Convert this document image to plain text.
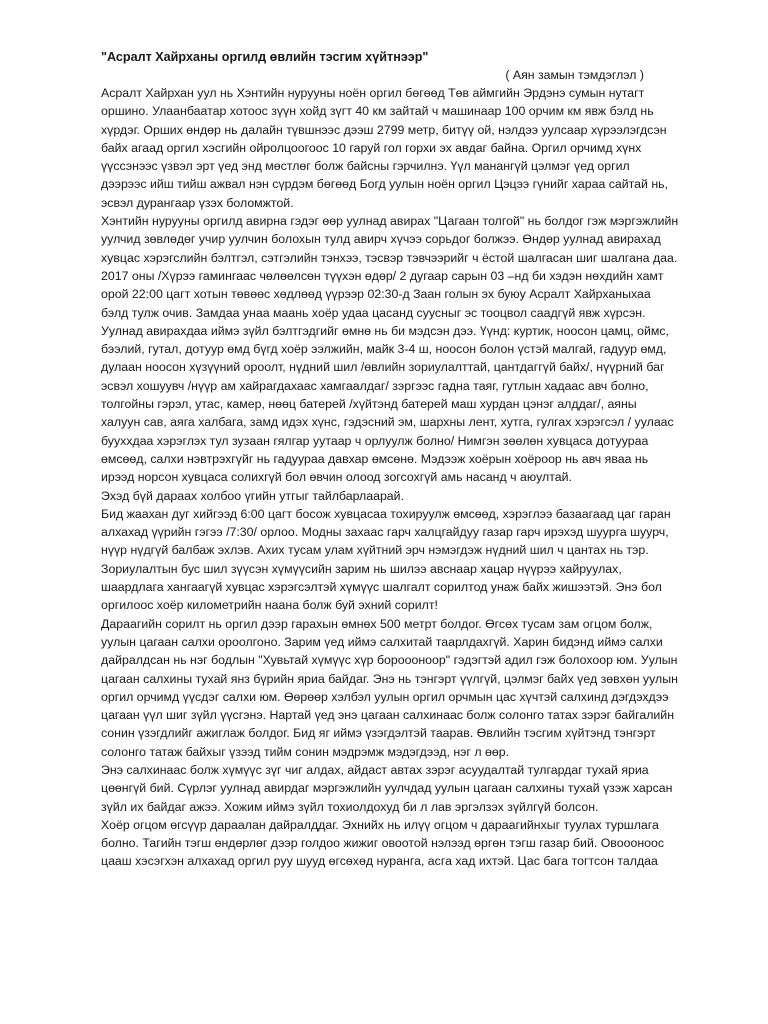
"Асралт Хайрханы оргилд өвлийн тэсгим хүйтнээр"
( Аян замын тэмдэглэл )
Асралт Хайрхан уул нь Хэнтийн нурууны ноён оргил бөгөөд Төв аймгийн Эрдэнэ сумын нутагт
оршино. Улаанбаатар хотоос зүүн хойд зүгт 40 км зайтай ч машинаар 100 орчим км явж бэлд нь
хүрдэг. Орших өндөр нь далайн түвшнээс дээш 2799 метр, битүү ой, нэлдээ уулсаар хүрээлэгдсэн
байх агаад оргил хэсгийн ойролцоогоос 10 гаруй гол горхи эх авдаг байна. Оргил орчимд хүнх
үүссэнээс үзвэл эрт үед энд мөстлөг болж байсны гэрчилнэ. Үүл манангүй цэлмэг үед оргил
дээрээс ийш тийш ажвал нэн сүрдэм бөгөөд Богд уулын ноён оргил Цэцээ гүнийг хараа сайтай нь,
эсвэл дурангаар үзэх боломжтой.
Хэнтийн нурууны оргилд авирна гэдэг өөр уулнад авирах "Цагаан толгой" нь болдог гэж мэргэжлийн
уулчид зөвлөдөг учир уулчин болохын тулд авирч хүчээ сорьдог болжээ. Өндөр уулнад авирахад
хувцас хэрэгслийн бэлтгэл, сэтгэлийн тэнхээ, тэсвэр тэвчээрийг ч ёстой шалгасан шиг шалгана даа.
2017 оны /Хүрээ гамингаас чөлөөлсөн түүхэн өдөр/ 2 дугаар сарын 03 –нд би хэдэн нөхдийн хамт
орой 22:00 цагт хотын төвөөс хөдлөөд үүрээр 02:30-д Заан голын эх буюу Асралт Хайрханыхаа
бэлд тулж очив. Замдаа унаа маань хоёр удаа цасанд суусныг эс тооцвол саадгүй явж хүрсэн.
Уулнад авирахдаа иймэ зүйл бэлтгэдгийг өмнө нь би мэдсэн дээ. Үүнд: куртик, ноосон цамц, оймс,
бээлий, гутал, дотуур өмд бүгд хоёр ээлжийн, майк 3-4 ш, ноосон болон үстэй малгай, гадуур өмд,
дулаан ноосон хүзүүний ороолт, нүдний шил /өвлийн зориулалттай, цантдаггүй байх/, нүүрний баг
эсвэл хошуувч /нүүр ам хайрагдахаас хамгаалдаг/ зэргээс гадна таяг, гутлын хадаас авч болно,
толгойны гэрэл, утас, камер, нөөц батерей /хүйтэнд батерей маш хурдан цэнэг алддаг/, аяны
халуун сав, аяга халбага, замд идэх хүнс, гэдэсний эм, шархны лент, хутга, гулгах хэрэгсэл / уулаас
бууххдаа хэрэглэх тул зузаан гялгар уутаар ч орлуулж болно/ Нимгэн зөөлөн хувцаса дотуураа
өмсөөд, салхи нэвтрэхгүйг нь гадуураа давхар өмсөнө. Мэдээж хоёрын хоёроор нь авч яваа нь
ирээд норсон хувцаса солихгүй бол өвчин олоод зогсохгүй амь насанд ч аюултай.
Эхэд бүй дараах холбоо үгийн утгыг тайлбарлаарай.
Бид жаахан дуг хийгээд 6:00 цагт босож хувцасаа тохируулж өмсөөд, хэрэглээ базаагаад цаг гаран
алхахад үүрийн гэгээ /7:30/ орлоо. Модны захаас гарч халцгайдуу газар гарч ирэхэд шуурга шуурч,
нүүр нүдгүй балбаж эхлэв. Ахих тусам улам хүйтний эрч нэмэгдэж нүдний шил ч цантах нь тэр.
Зориулалтын бус шил зүүсэн хүмүүсийн зарим нь шилээ авснаар хацар нүүрээ хайруулах,
шаардлага хангаагүй хувцас хэрэгсэлтэй хүмүүс шалгалт сорилтод унаж байх жишээтэй. Энэ бол
оргилоос хоёр километрийн наана болж буй эхний сорилт!
Дараагийн сорилт нь оргил дээр гарахын өмнөх 500 метрт болдог. Өгсөх тусам зам огцом болж,
уулын цагаан салхи ороолгоно. Зарим үед иймэ салхитай таарлдахгүй. Харин бидэнд иймэ салхи
дайралдсан нь нэг бодлын "Хувьтай хүмүүс хүр бороооноор" гэдэгтэй адил гэж болохоор юм. Уулын
цагаан салхины тухай янз бүрийн яриа байдаг. Энэ нь тэнгэрт үүлгүй, цэлмэг байх үед зөвхөн уулын
оргил орчимд үүсдэг салхи юм. Өөрөөр хэлбэл уулын оргил орчмын цас хүчтэй салхинд дэгдэхдээ
цагаан үүл шиг зүйл үүсгэнэ. Нартай үед энэ цагаан салхинаас болж солонго татах зэрэг байгалийн
сонин үзэгдлийг ажиглаж болдог. Бид яг иймэ үзэгдэлтэй таарав. Өвлийн тэсгим хүйтэнд тэнгэрт
солонго татаж байхыг үзээд тийм сонин мэдрэмж мэдэгдээд, нэг л өөр.
Энэ салхинаас болж хүмүүс зүг чиг алдах, айдаст автах зэрэг асуудалтай тулгардаг тухай яриа
цөөнгүй бий. Сүрлэг уулнад авирдаг мэргэжлийн уулчдад уулын цагаан салхины тухай үзэж харсан
зүйл их байдаг ажээ. Хожим иймэ зүйл тохиолдохуд би л лав эргэлзэх зүйлгүй болсон.
Хоёр огцом өгсүүр дараалан дайралддаг. Эхнийх нь илүү огцом ч дараагийнхыг туулах туршлага
болно. Тагийн тэгш өндөрлөг дээр голдоо жижиг овоотой нэлээд өргөн тэгш газар бий. Овоооноос
цааш хэсэгхэн алхахад оргил руу шууд өгсөхөд нуранга, асга хад ихтэй. Цас бага тогтсон талдаа
